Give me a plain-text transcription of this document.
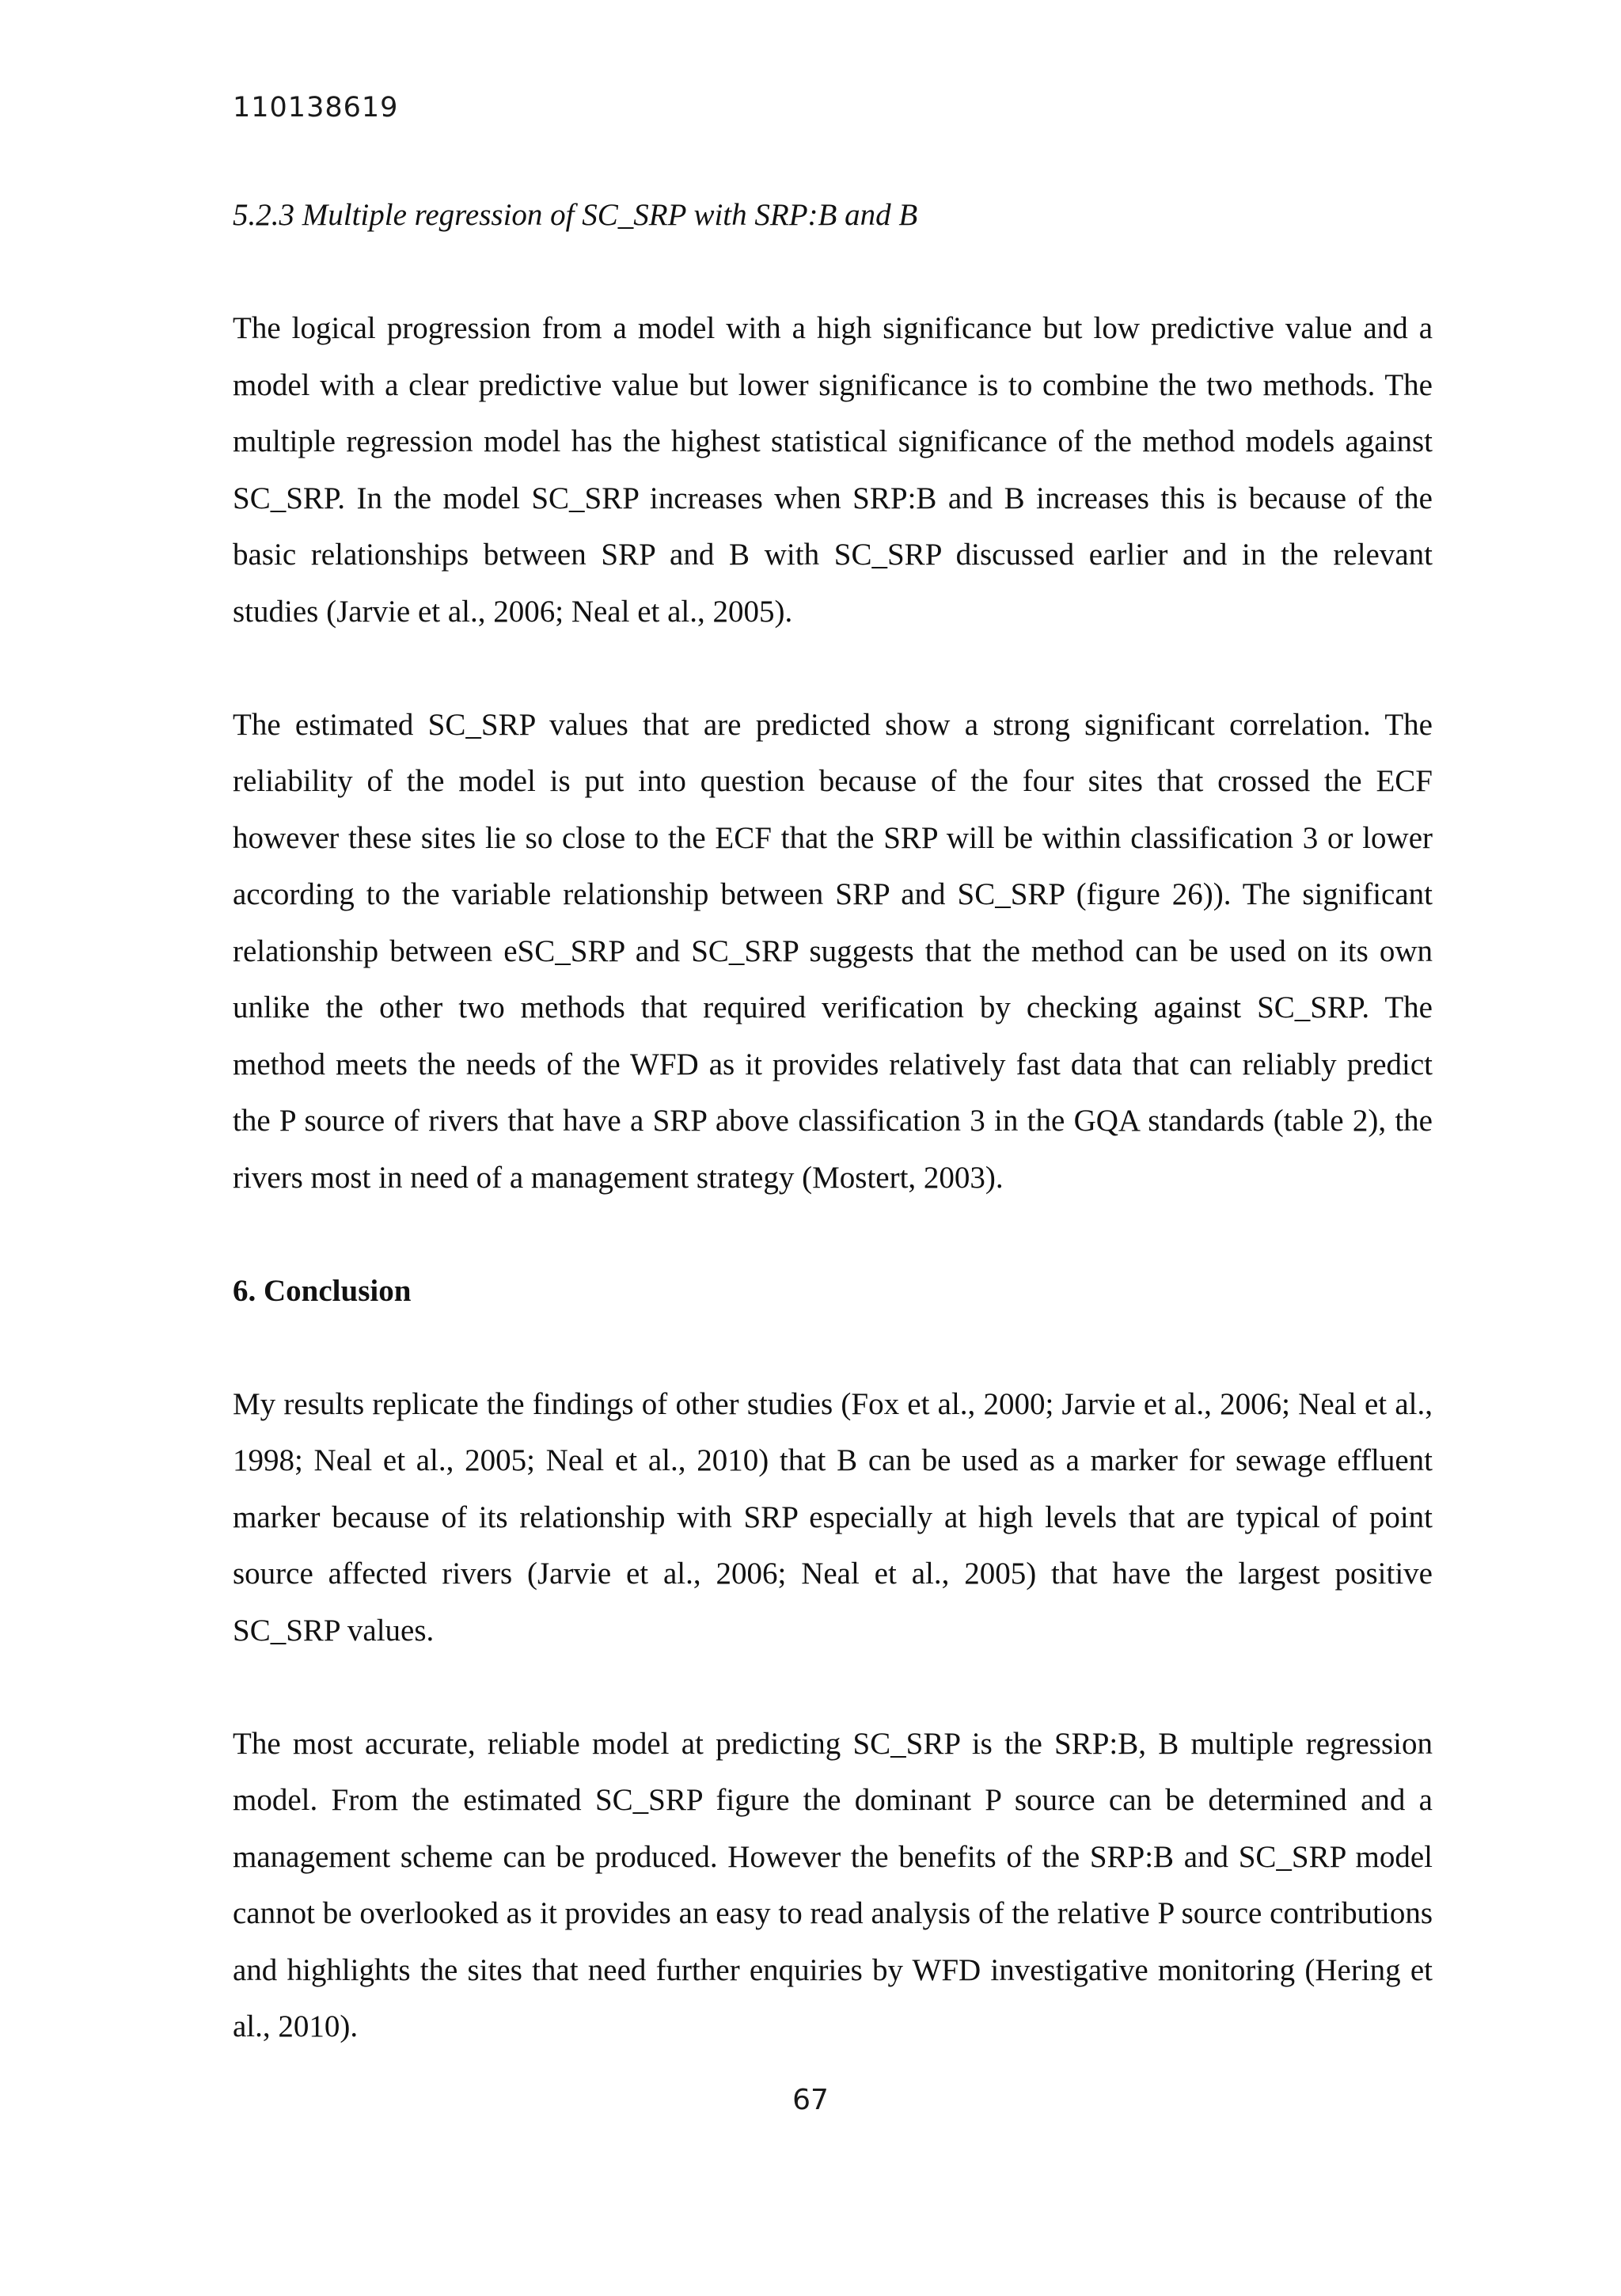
110138619
5.2.3 Multiple regression of SC_SRP with SRP:B and B

The logical progression from a model with a high significance but low predictive value and a model with a clear predictive value but lower significance is to combine the two methods. The multiple regression model has the highest statistical significance of the method models against SC_SRP. In the model SC_SRP increases when SRP:B and B increases this is because of the basic relationships between SRP and B with SC_SRP discussed earlier and in the relevant studies (Jarvie et al., 2006; Neal et al., 2005).

The estimated SC_SRP values that are predicted show a strong significant correlation. The reliability of the model is put into question because of the four sites that crossed the ECF however these sites lie so close to the ECF that the SRP will be within classification 3 or lower according to the variable relationship between SRP and SC_SRP (figure 26)). The significant relationship between eSC_SRP and SC_SRP suggests that the method can be used on its own unlike the other two methods that required verification by checking against SC_SRP. The method meets the needs of the WFD as it provides relatively fast data that can reliably predict the P source of rivers that have a SRP above classification 3 in the GQA standards (table 2), the rivers most in need of a management strategy (Mostert, 2003).

6. Conclusion

My results replicate the findings of other studies (Fox et al., 2000; Jarvie et al., 2006; Neal et al., 1998; Neal et al., 2005; Neal et al., 2010) that B can be used as a marker for sewage effluent marker because of its relationship with SRP especially at high levels that are typical of point source affected rivers (Jarvie et al., 2006; Neal et al., 2005) that have the largest positive SC_SRP values.

The most accurate, reliable model at predicting SC_SRP is the SRP:B, B multiple regression model. From the estimated SC_SRP figure the dominant P source can be determined and a management scheme can be produced. However the benefits of the SRP:B and SC_SRP model cannot be overlooked as it provides an easy to read analysis of the relative P source contributions and highlights the sites that need further enquiries by WFD investigative monitoring (Hering et al., 2010).

67
